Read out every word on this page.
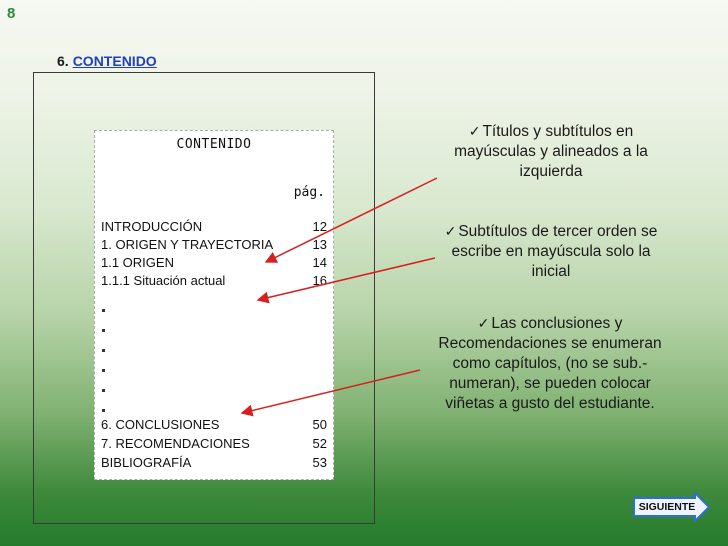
8
6. CONTENIDO
CONTENIDO
pág.
INTRODUCCIÓN	12
1. ORIGEN Y TRAYECTORIA	13
1.1 ORIGEN	14
1.1.1 Situación actual	16
6. CONCLUSIONES	50
7. RECOMENDACIONES	52
BIBLIOGRAFÍA	53
✓ Títulos y subtítulos en mayúsculas y alineados a la izquierda
✓ Subtítulos de tercer orden se escribe en mayúscula solo la inicial
✓ Las conclusiones y Recomendaciones se enumeran como capítulos, (no se sub.-numeran), se pueden colocar viñetas a gusto del estudiante.
SIGUIENTE
